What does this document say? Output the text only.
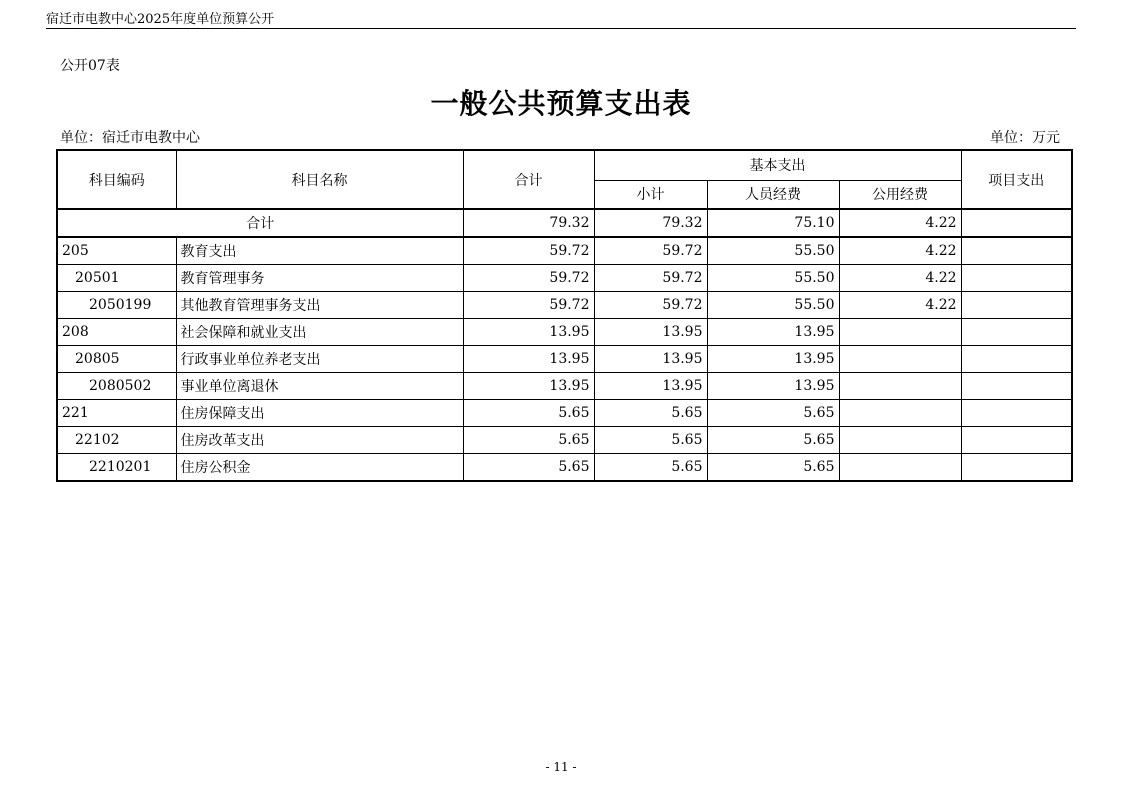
宿迁市电教中心2025年度单位预算公开
公开07表
一般公共预算支出表
单位：宿迁市电教中心	单位：万元
科目编码	科目名称	合计	基本支出			项目支出
			小计	人员经费	公用经费	
合计		79.32	79.32	75.10	4.22	
205	教育支出	59.72	59.72	55.50	4.22	
20501	教育管理事务	59.72	59.72	55.50	4.22	
2050199	其他教育管理事务支出	59.72	59.72	55.50	4.22	
208	社会保障和就业支出	13.95	13.95	13.95		
20805	行政事业单位养老支出	13.95	13.95	13.95		
2080502	事业单位离退休	13.95	13.95	13.95		
221	住房保障支出	5.65	5.65	5.65		
22102	住房改革支出	5.65	5.65	5.65		
2210201	住房公积金	5.65	5.65	5.65		
- 11 -
